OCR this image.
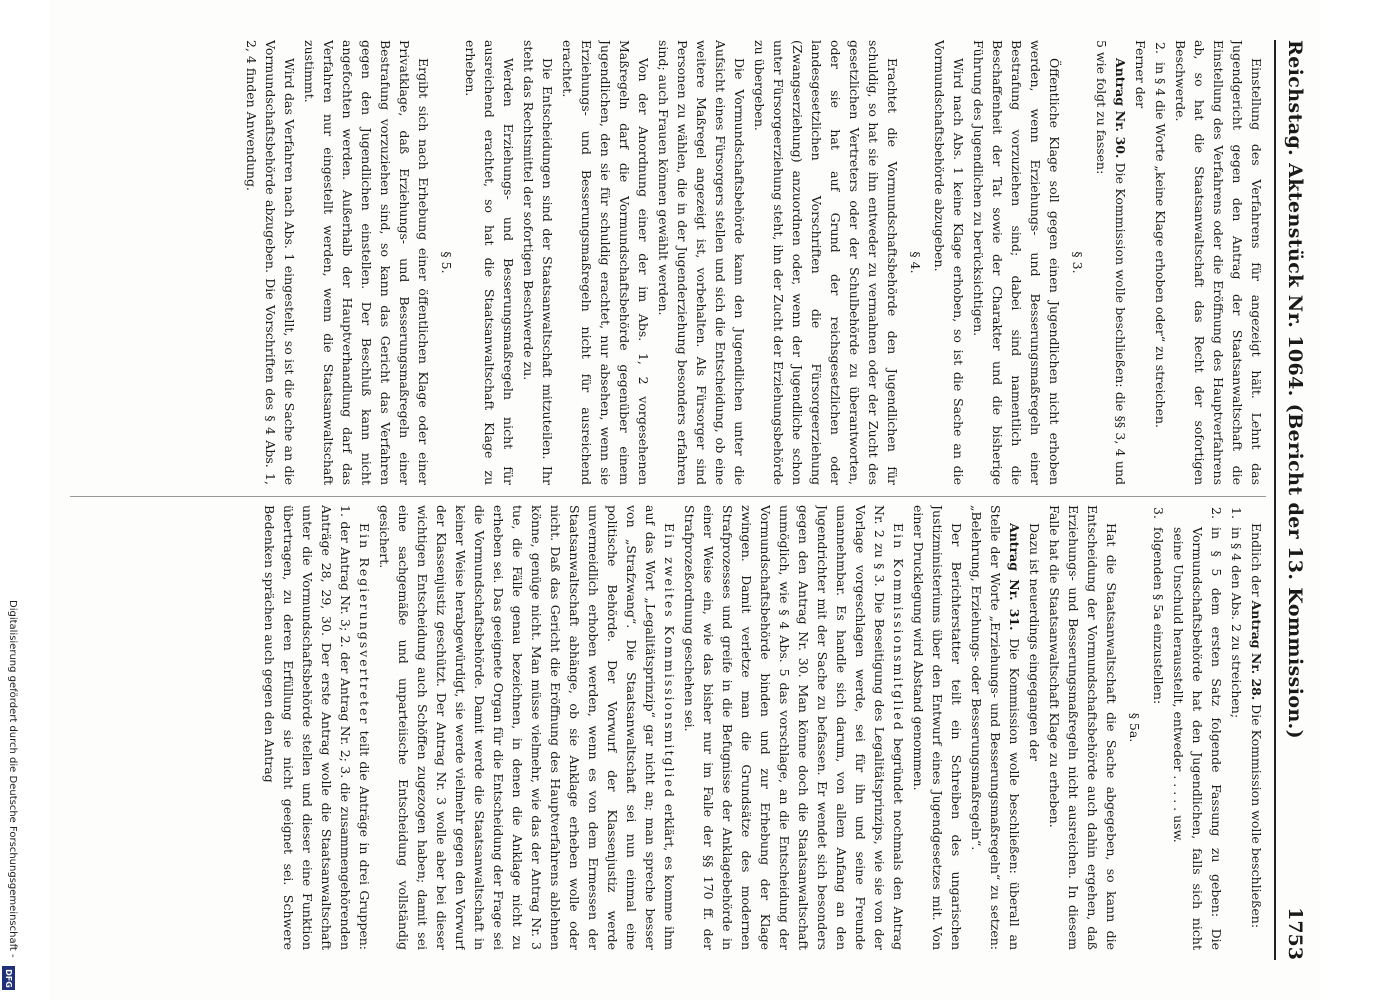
Reichstag. Aktenstück Nr. 1064. (Bericht der 13. Kommission.)
1753

Einstellung des Verfahrens für angezeigt hält. Lehnt das Jugendgericht gegen den Antrag der Staatsanwaltschaft die Einstellung des Verfahrens oder die Eröffnung des Hauptverfahrens ab, so hat die Staatsanwaltschaft das Recht der sofortigen Beschwerde.

2.
in § 4 die Worte „keine Klage erhoben oder“ zu streichen.

Ferner der

Antrag Nr. 30. Die Kommission wolle beschließen: die §§ 3, 4 und 5 wie folgt zu fassen:

§ 3.

Öffentliche Klage soll gegen einen Jugendlichen nicht erhoben werden, wenn Erziehungs- und Besserungsmaßregeln einer Bestrafung vorzuziehen sind; dabei sind namentlich die Beschaffenheit der Tat sowie der Charakter und die bisherige Führung des Jugendlichen zu berücksichtigen.

Wird nach Abs. 1 keine Klage erhoben, so ist die Sache an die Vormundschaftsbehörde abzugeben.

§ 4.

Erachtet die Vormundschaftsbehörde den Jugendlichen für schuldig, so hat sie ihn entweder zu vermahnen oder der Zucht des gesetzlichen Vertreters oder der Schulbehörde zu überantworten, oder sie hat auf Grund der reichsgesetzlichen oder landesgesetzlichen Vorschriften die Fürsorgeerziehung (Zwangserziehung) anzuordnen oder, wenn der Jugendliche schon unter Fürsorgeerziehung steht, ihn der Zucht der Erziehungsbehörde zu übergeben.

Die Vormundschaftsbehörde kann den Jugendlichen unter die Aufsicht eines Fürsorgers stellen und sich die Entscheidung, ob eine weitere Maßregel angezeigt ist, vorbehalten. Als Fürsorger sind Personen zu wählen, die in der Jugenderziehung besonders erfahren sind; auch Frauen können gewählt werden.

Von der Anordnung einer der im Abs. 1, 2 vorgesehenen Maßregeln darf die Vormundschaftsbehörde gegenüber einem Jugendlichen, den sie für schuldig erachtet, nur absehen, wenn sie Erziehungs- und Besserungsmaßregeln nicht für ausreichend erachtet.

Die Entscheidungen sind der Staatsanwaltschaft mitzuteilen. Ihr steht das Rechtsmittel der sofortigen Beschwerde zu.

Werden Erziehungs- und Besserungsmaßregeln nicht für ausreichend erachtet, so hat die Staatsanwaltschaft Klage zu erheben.

§ 5.

Ergibt sich nach Erhebung einer öffentlichen Klage oder einer Privatklage, daß Erziehungs- und Besserungsmaßregeln einer Bestrafung vorzuziehen sind, so kann das Gericht das Verfahren gegen den Jugendlichen einstellen. Der Beschluß kann nicht angefochten werden. Außerhalb der Hauptverhandlung darf das Verfahren nur eingestellt werden, wenn die Staatsanwaltschaft zustimmt.

Wird das Verfahren nach Abs. 1 eingestellt, so ist die Sache an die Vormundschaftsbehörde abzugeben. Die Vorschriften des § 4 Abs. 1, 2, 4 finden Anwendung.

Endlich der Antrag Nr. 28. Die Kommission wolle beschließen:

1.
in § 4 den Abs. 2 zu streichen;

2.
in § 5 dem ersten Satz folgende Fassung zu geben: Die Vormundschaftsbehörde hat den Jugendlichen, falls sich nicht seine Unschuld herausstellt, entweder . . . . . usw.

3.
folgenden § 5a einzustellen:

§ 5a.

Hat die Staatsanwaltschaft die Sache abgegeben, so kann die Entscheidung der Vormundschaftsbehörde auch dahin ergehen, daß Erziehungs- und Besserungsmaßregeln nicht ausreichen. In diesem Falle hat die Staatsanwaltschaft Klage zu erheben.

Dazu ist neuerdings eingegangen der

Antrag Nr. 31. Die Kommission wolle beschließen: überall an Stelle der Worte „Erziehungs- und Besserungsmaßregeln“ zu setzen: „Belehrung, Erziehungs- oder Besserungsmaßregeln“.

Der Berichterstatter teilt ein Schreiben des ungarischen Justizministeriums über den Entwurf eines Jugendgesetzes mit. Von einer Drucklegung wird Abstand genommen.

Ein Kommissionsmitglied begründet nochmals den Antrag Nr. 2 zu § 3. Die Beseitigung des Legalitätsprinzips, wie sie von der Vorlage vorgeschlagen werde, sei für ihn und seine Freunde unannehmbar. Es handle sich darum, von allem Anfang an den Jugendrichter mit der Sache zu befassen. Er wendet sich besonders gegen den Antrag Nr. 30. Man könne doch die Staatsanwaltschaft unmöglich, wie § 4 Abs. 5 das vorschlage, an die Entscheidung der Vormundschaftsbehörde binden und zur Erhebung der Klage zwingen. Damit verletze man die Grundsätze des modernen Strafprozesses und greife in die Befugnisse der Anklagebehörde in einer Weise ein, wie das bisher nur im Falle der §§ 170 ff. der Strafprozeßordnung geschehen sei.

Ein zweites Kommissionsmitglied erklärt, es komme ihm auf das Wort „Legalitätsprinzip“ gar nicht an; man spreche besser von „Strafzwang“. Die Staatsanwaltschaft sei nun einmal eine politische Behörde. Der Vorwurf der Klassenjustiz werde unvermeidlich erhoben werden, wenn es von dem Ermessen der Staatsanwaltschaft abhänge, ob sie Anklage erheben wolle oder nicht. Daß das Gericht die Eröffnung des Hauptverfahrens ablehnen könne, genüge nicht. Man müsse vielmehr, wie das der Antrag Nr. 3 tue, die Fälle genau bezeichnen, in denen die Anklage nicht zu erheben sei. Das geeignete Organ für die Entscheidung der Frage sei die Vormundschaftsbehörde. Damit werde die Staatsanwaltschaft in keiner Weise herabgewürdigt, sie werde vielmehr gegen den Vorwurf der Klassenjustiz geschützt. Der Antrag Nr. 3 wolle aber bei dieser wichtigen Entscheidung auch Schöffen zugezogen haben; damit sei eine sachgemäße und unparteiische Entscheidung vollständig gesichert.

Ein Regierungsvertreter teilt die Anträge in drei Gruppen: 1. der Antrag Nr. 3; 2. der Antrag Nr. 2; 3. die zusammengehörenden Anträge 28, 29, 30. Der erste Antrag wolle die Staatsanwaltschaft unter die Vormundschaftsbehörde stellen und dieser eine Funktion übertragen, zu deren Erfüllung sie nicht geeignet sei. Schwere Bedenken sprächen auch gegen den Antrag

Digitalisierung gefördert durch die Deutsche Forschungsgemeinschaft -
DFG
